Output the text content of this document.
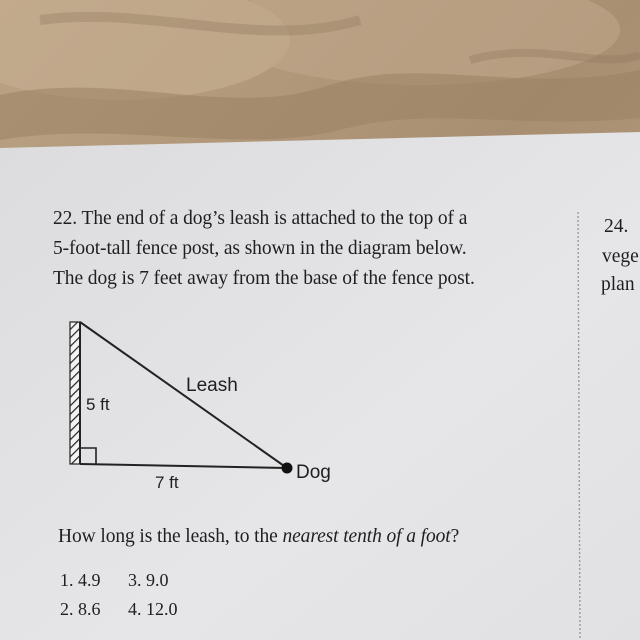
22. The end of a dog’s leash is attached to the top of a
5-foot-tall fence post, as shown in the diagram below.
The dog is 7 feet away from the base of the fence post.
5 ft
Leash
7 ft	Dog
How long is the leash, to the nearest tenth of a foot?
1. 4.9 3. 9.0
2. 8.6 4. 12.0
24.
vege
plan
